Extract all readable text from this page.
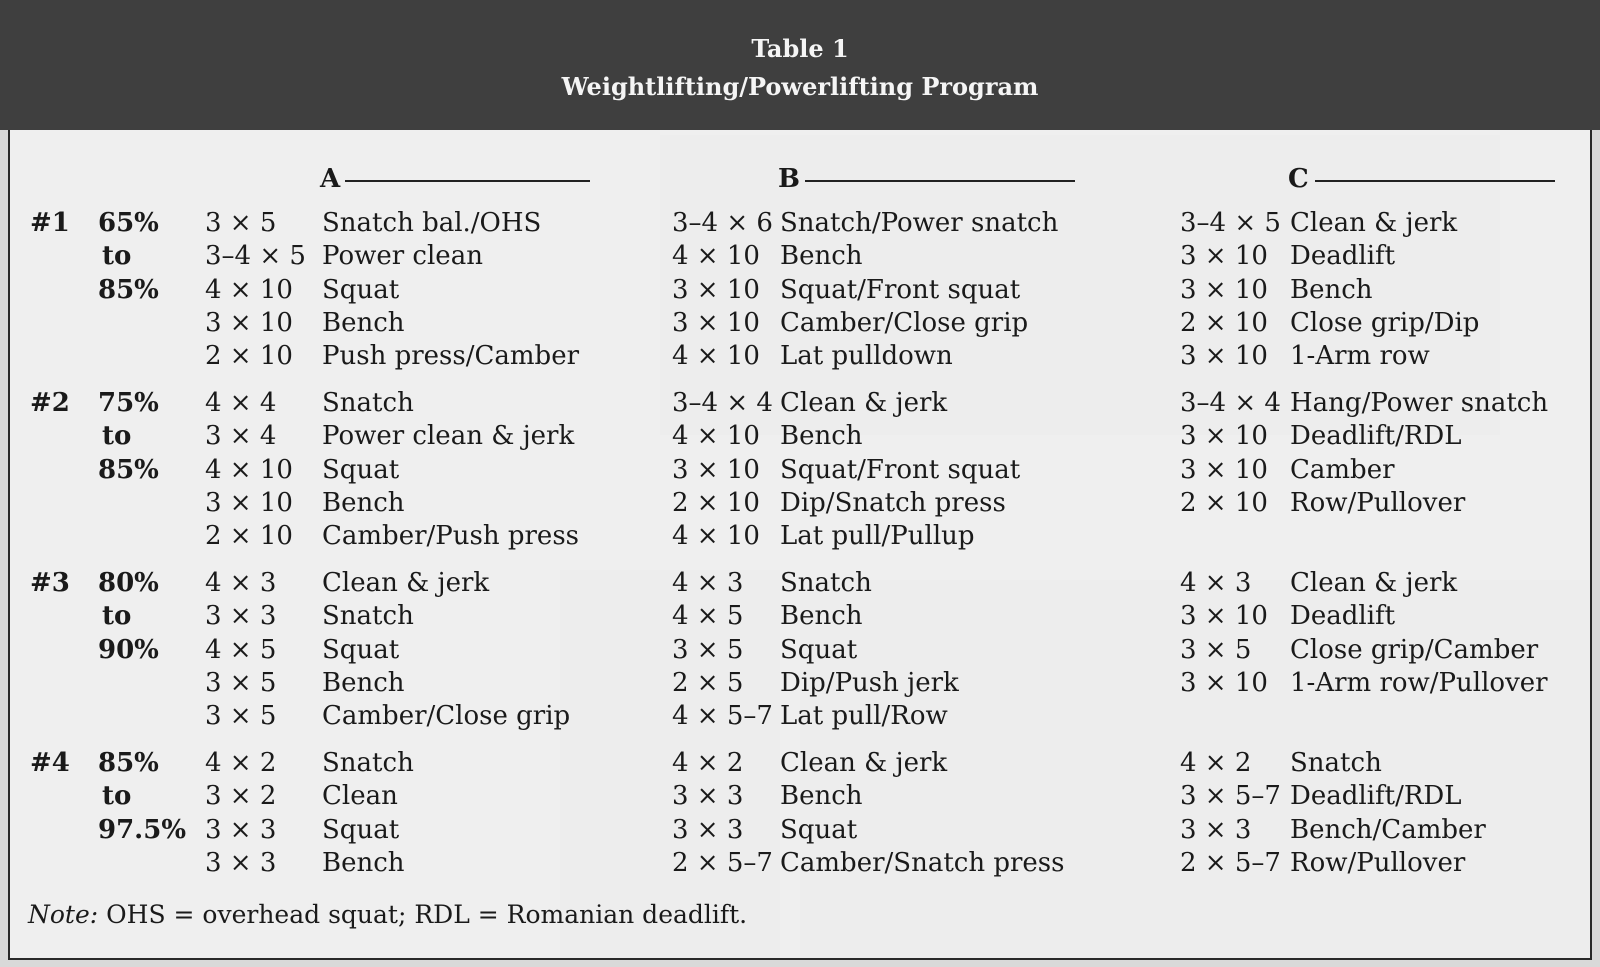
Table 1
Weightlifting/Powerlifting Program
A	B	C
#1 65%
to
85%
3 × 5 Snatch bal./OHS
3–4 × 5 Power clean
4 × 10 Squat
3 × 10 Bench
2 × 10 Push press/Camber
3–4 × 6 Snatch/Power snatch
4 × 10 Bench
3 × 10 Squat/Front squat
3 × 10 Camber/Close grip
4 × 10 Lat pulldown
3–4 × 5 Clean & jerk
3 × 10 Deadlift
3 × 10 Bench
2 × 10 Close grip/Dip
3 × 10 1-Arm row
#2 75%
to
85%
4 × 4 Snatch
3 × 4 Power clean & jerk
4 × 10 Squat
3 × 10 Bench
2 × 10 Camber/Push press
3–4 × 4 Clean & jerk
4 × 10 Bench
3 × 10 Squat/Front squat
2 × 10 Dip/Snatch press
4 × 10 Lat pull/Pullup
3–4 × 4 Hang/Power snatch
3 × 10 Deadlift/RDL
3 × 10 Camber
2 × 10 Row/Pullover
#3 80%
to
90%
4 × 3 Clean & jerk
3 × 3 Snatch
4 × 5 Squat
3 × 5 Bench
3 × 5 Camber/Close grip
4 × 3 Snatch
4 × 5 Bench
3 × 5 Squat
2 × 5 Dip/Push jerk
4 × 5–7 Lat pull/Row
4 × 3 Clean & jerk
3 × 10 Deadlift
3 × 5 Close grip/Camber
3 × 10 1-Arm row/Pullover
#4 85%
to
97.5%
4 × 2 Snatch
3 × 2 Clean
3 × 3 Squat
3 × 3 Bench
4 × 2 Clean & jerk
3 × 3 Bench
3 × 3 Squat
2 × 5–7 Camber/Snatch press
4 × 2 Snatch
3 × 5–7 Deadlift/RDL
3 × 3 Bench/Camber
2 × 5–7 Row/Pullover
Note: OHS = overhead squat; RDL = Romanian deadlift.
